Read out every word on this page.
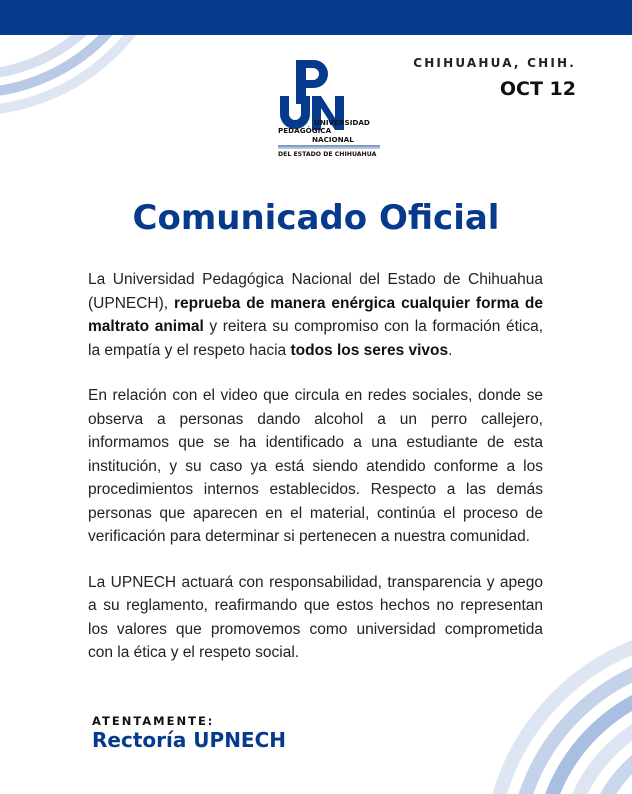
CHIHUAHUA, CHIH.
OCT 12
UNIVERSIDAD
PEDAGÓGICA
NACIONAL
DEL ESTADO DE CHIHUAHUA
Comunicado Oficial

La Universidad Pedagógica Nacional del Estado de Chihuahua (UPNECH), reprueba de manera enérgica cualquier forma de maltrato animal y reitera su compromiso con la formación ética, la empatía y el respeto hacia todos los seres vivos.

En relación con el video que circula en redes sociales, donde se observa a personas dando alcohol a un perro callejero, informamos que se ha identificado a una estudiante de esta institución, y su caso ya está siendo atendido conforme a los procedimientos internos establecidos. Respecto a las demás personas que aparecen en el material, continúa el proceso de verificación para determinar si pertenecen a nuestra comunidad.

La UPNECH actuará con responsabilidad, transparencia y apego a su reglamento, reafirmando que estos hechos no representan los valores que promovemos como universidad comprometida con la ética y el respeto social.

ATENTAMENTE:
Rectoría UPNECH
